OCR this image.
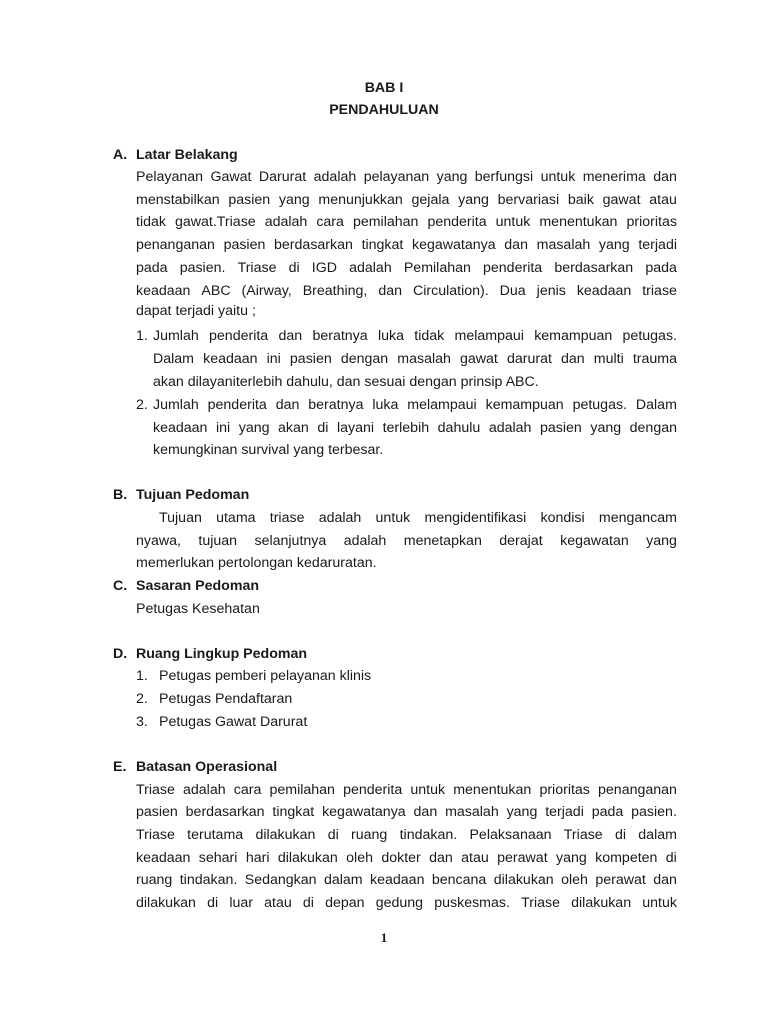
BAB I
PENDAHULUAN
A. Latar Belakang
Pelayanan Gawat Darurat adalah pelayanan yang berfungsi untuk menerima dan
menstabilkan pasien yang menunjukkan gejala yang bervariasi baik gawat atau
tidak gawat.Triase adalah cara pemilahan penderita untuk menentukan prioritas
penanganan pasien berdasarkan tingkat kegawatanya dan masalah yang terjadi
pada pasien. Triase di IGD adalah Pemilahan penderita berdasarkan pada
keadaan ABC (Airway, Breathing, dan Circulation). Dua jenis keadaan triase
dapat terjadi yaitu ;
1. Jumlah penderita dan beratnya luka tidak melampaui kemampuan petugas.
Dalam keadaan ini pasien dengan masalah gawat darurat dan multi trauma
akan dilayaniterlebih dahulu, dan sesuai dengan prinsip ABC.
2. Jumlah penderita dan beratnya luka melampaui kemampuan petugas. Dalam
keadaan ini yang akan di layani terlebih dahulu adalah pasien yang dengan
kemungkinan survival yang terbesar.
B. Tujuan Pedoman
Tujuan utama triase adalah untuk mengidentifikasi kondisi mengancam
nyawa, tujuan selanjutnya adalah menetapkan derajat kegawatan yang
memerlukan pertolongan kedaruratan.
C. Sasaran Pedoman
Petugas Kesehatan
D. Ruang Lingkup Pedoman
1. Petugas pemberi pelayanan klinis
2. Petugas Pendaftaran
3. Petugas Gawat Darurat
E. Batasan Operasional
Triase adalah cara pemilahan penderita untuk menentukan prioritas penanganan
pasien berdasarkan tingkat kegawatanya dan masalah yang terjadi pada pasien.
Triase terutama dilakukan di ruang tindakan. Pelaksanaan Triase di dalam
keadaan sehari hari dilakukan oleh dokter dan atau perawat yang kompeten di
ruang tindakan. Sedangkan dalam keadaan bencana dilakukan oleh perawat dan
dilakukan di luar atau di depan gedung puskesmas. Triase dilakukan untuk
1
